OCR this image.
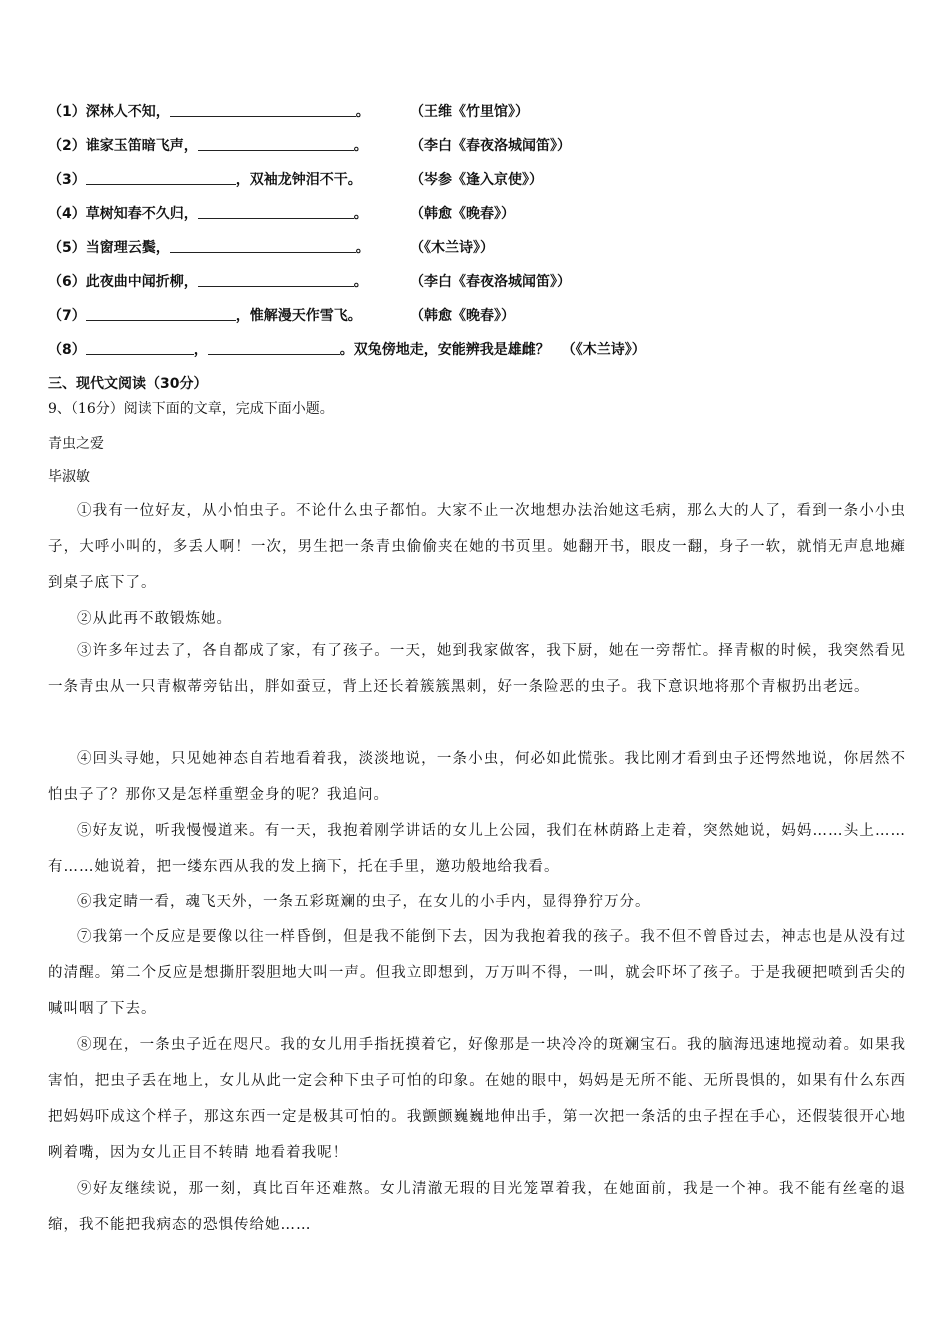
（1）深林人不知，	。	（王维《竹里馆》）
（2）谁家玉笛暗飞声，	。	（李白《春夜洛城闻笛》）
（3）	，双袖龙钟泪不干。	（岑参《逢入京使》）
（4）草树知春不久归，	。	（韩愈《晚春》）
（5）当窗理云鬓，	。	（《木兰诗》）
（6）此夜曲中闻折柳，	。	（李白《春夜洛城闻笛》）
（7）	，惟解漫天作雪飞。	（韩愈《晚春》）
（8）	，	。双兔傍地走，安能辨我是雄雌？ （《木兰诗》）
三、现代文阅读（30分）
9、（16分）阅读下面的文章，完成下面小题。
青虫之爱
毕淑敏
①我有一位好友，从小怕虫子。不论什么虫子都怕。大家不止一次地想办法治她这毛病，那么大的人了，看到一条小小虫子，大呼小叫的，多丢人啊！一次，男生把一条青虫偷偷夹在她的书页里。她翻开书，眼皮一翻，身子一软，就悄无声息地瘫到桌子底下了。
②从此再不敢锻炼她。
③许多年过去了，各自都成了家，有了孩子。一天，她到我家做客，我下厨，她在一旁帮忙。择青椒的时候，我突然看见一条青虫从一只青椒蒂旁钻出，胖如蚕豆，背上还长着簇簇黑刺，好一条险恶的虫子。我下意识地将那个青椒扔出老远。
④回头寻她，只见她神态自若地看着我，淡淡地说，一条小虫，何必如此慌张。我比刚才看到虫子还愕然地说，你居然不怕虫子了？那你又是怎样重塑金身的呢？我追问。
⑤好友说，听我慢慢道来。有一天，我抱着刚学讲话的女儿上公园，我们在林荫路上走着，突然她说，妈妈……头上……有……她说着，把一缕东西从我的发上摘下，托在手里，邀功般地给我看。
⑥我定睛一看，魂飞天外，一条五彩斑斓的虫子，在女儿的小手内，显得狰狞万分。
⑦我第一个反应是要像以往一样昏倒，但是我不能倒下去，因为我抱着我的孩子。我不但不曾昏过去，神志也是从没有过的清醒。第二个反应是想撕肝裂胆地大叫一声。但我立即想到，万万叫不得，一叫，就会吓坏了孩子。于是我硬把喷到舌尖的喊叫咽了下去。
⑧现在，一条虫子近在咫尺。我的女儿用手指抚摸着它，好像那是一块冷冷的斑斓宝石。我的脑海迅速地搅动着。如果我害怕，把虫子丢在地上，女儿从此一定会种下虫子可怕的印象。在她的眼中，妈妈是无所不能、无所畏惧的，如果有什么东西把妈妈吓成这个样子，那这东西一定是极其可怕的。我颤颤巍巍地伸出手，第一次把一条活的虫子捏在手心，还假装很开心地咧着嘴，因为女儿正目不转睛 地看着我呢！
⑨好友继续说，那一刻，真比百年还难熬。女儿清澈无瑕的目光笼罩着我，在她面前，我是一个神。我不能有丝毫的退缩，我不能把我病态的恐惧传给她……
